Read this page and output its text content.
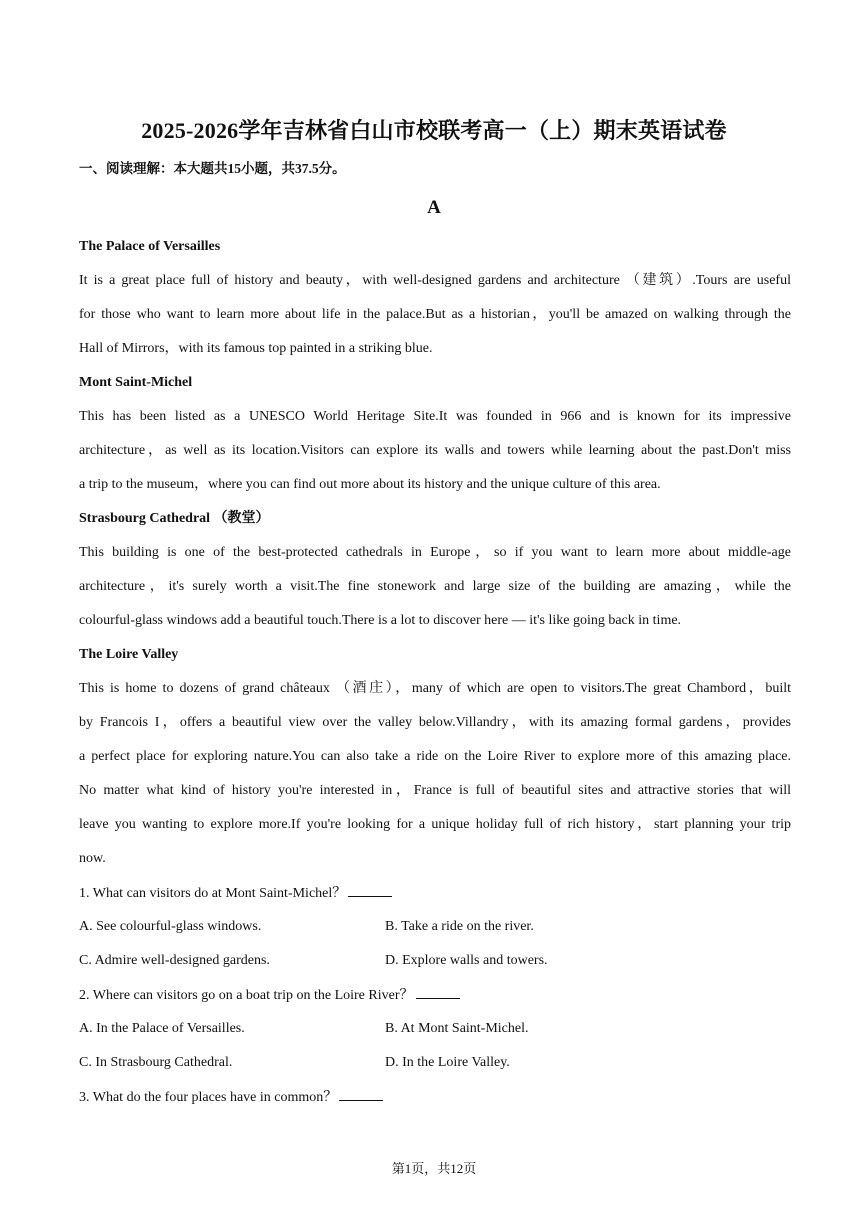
2025-2026学年吉林省白山市校联考高一（上）期末英语试卷
一、阅读理解：本大题共15小题，共37.5分。
A
The Palace of Versailles
It is a great place full of history and beauty，with well-designed gardens and architecture （建筑）.Tours are useful
for those who want to learn more about life in the palace.But as a historian，you'll be amazed on walking through the
Hall of Mirrors，with its famous top painted in a striking blue.
Mont Saint-Michel
This has been listed as a UNESCO World Heritage Site.It was founded in 966 and is known for its impressive
architecture，as well as its location.Visitors can explore its walls and towers while learning about the past.Don't miss
a trip to the museum，where you can find out more about its history and the unique culture of this area.
Strasbourg Cathedral （教堂）
This building is one of the best-protected cathedrals in Europe，so if you want to learn more about middle-age
architecture，it's surely worth a visit.The fine stonework and large size of the building are amazing，while the
colourful-glass windows add a beautiful touch.There is a lot to discover here — it's like going back in time.
The Loire Valley
This is home to dozens of grand châteaux （酒庄），many of which are open to visitors.The great Chambord，built
by Francois I，offers a beautiful view over the valley below.Villandry，with its amazing formal gardens，provides
a perfect place for exploring nature.You can also take a ride on the Loire River to explore more of this amazing place.
No matter what kind of history you're interested in，France is full of beautiful sites and attractive stories that will
leave you wanting to explore more.If you're looking for a unique holiday full of rich history，start planning your trip
now.
1. What can visitors do at Mont Saint-Michel？
A. See colourful-glass windows.	B. Take a ride on the river.
C. Admire well-designed gardens.	D. Explore walls and towers.
2. Where can visitors go on a boat trip on the Loire River？
A. In the Palace of Versailles.	B. At Mont Saint-Michel.
C. In Strasbourg Cathedral.	D. In the Loire Valley.
3. What do the four places have in common？
第1页，共12页
